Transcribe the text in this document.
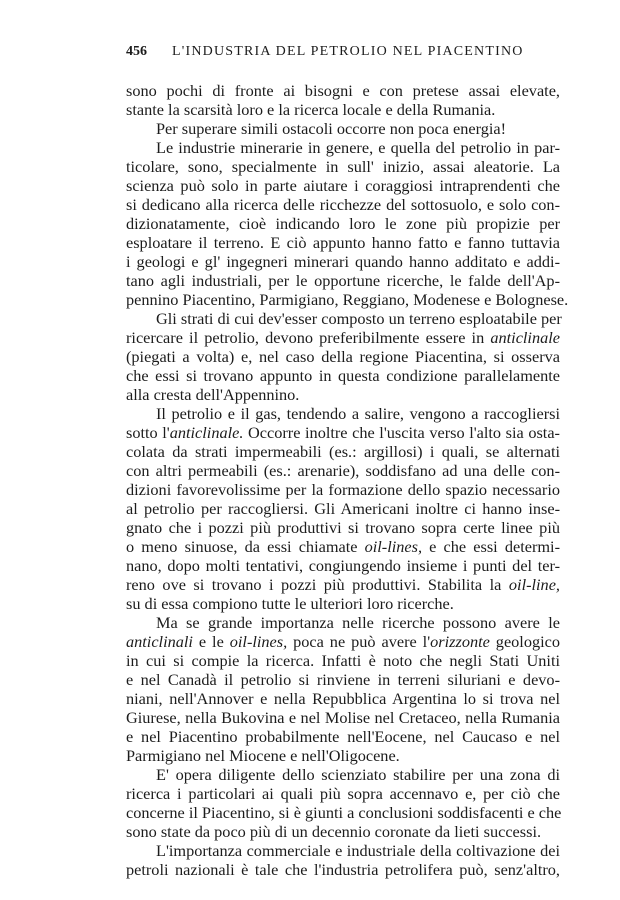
456 L'INDUSTRIA DEL PETROLIO NEL PIACENTINO
sono pochi di fronte ai bisogni e con pretese assai elevate,
stante la scarsità loro e la ricerca locale e della Rumania.
Per superare simili ostacoli occorre non poca energia!
Le industrie minerarie in genere, e quella del petrolio in par-
ticolare, sono, specialmente in sull' inizio, assai aleatorie. La
scienza può solo in parte aiutare i coraggiosi intraprendenti che
si dedicano alla ricerca delle ricchezze del sottosuolo, e solo con-
dizionatamente, cioè indicando loro le zone più propizie per
esploatare il terreno. E ciò appunto hanno fatto e fanno tuttavia
i geologi e gl' ingegneri minerari quando hanno additato e addi-
tano agli industriali, per le opportune ricerche, le falde dell'Ap-
pennino Piacentino, Parmigiano, Reggiano, Modenese e Bolognese.
Gli strati di cui dev'esser composto un terreno esploatabile per
ricercare il petrolio, devono preferibilmente essere in anticlinale
(piegati a volta) e, nel caso della regione Piacentina, si osserva
che essi si trovano appunto in questa condizione parallelamente
alla cresta dell'Appennino.
Il petrolio e il gas, tendendo a salire, vengono a raccogliersi
sotto l'anticlinale. Occorre inoltre che l'uscita verso l'alto sia osta-
colata da strati impermeabili (es.: argillosi) i quali, se alternati
con altri permeabili (es.: arenarie), soddisfano ad una delle con-
dizioni favorevolissime per la formazione dello spazio necessario
al petrolio per raccogliersi. Gli Americani inoltre ci hanno inse-
gnato che i pozzi più produttivi si trovano sopra certe linee più
o meno sinuose, da essi chiamate oil-lines, e che essi determi-
nano, dopo molti tentativi, congiungendo insieme i punti del ter-
reno ove si trovano i pozzi più produttivi. Stabilita la oil-line,
su di essa compiono tutte le ulteriori loro ricerche.
Ma se grande importanza nelle ricerche possono avere le
anticlinali e le oil-lines, poca ne può avere l'orizzonte geologico
in cui si compie la ricerca. Infatti è noto che negli Stati Uniti
e nel Canadà il petrolio si rinviene in terreni siluriani e devo-
niani, nell'Annover e nella Repubblica Argentina lo si trova nel
Giurese, nella Bukovina e nel Molise nel Cretaceo, nella Rumania
e nel Piacentino probabilmente nell'Eocene, nel Caucaso e nel
Parmigiano nel Miocene e nell'Oligocene.
E' opera diligente dello scienziato stabilire per una zona di
ricerca i particolari ai quali più sopra accennavo e, per ciò che
concerne il Piacentino, si è giunti a conclusioni soddisfacenti e che
sono state da poco più di un decennio coronate da lieti successi.
L'importanza commerciale e industriale della coltivazione dei
petroli nazionali è tale che l'industria petrolifera può, senz'altro,
